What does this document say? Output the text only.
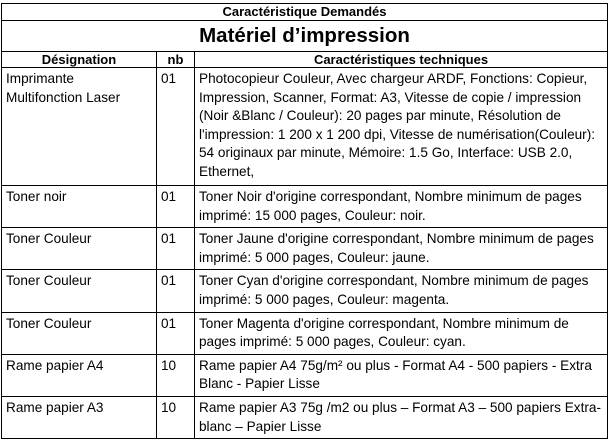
Caractéristique Demandés		
Matériel d’impression		
Désignation	nb	Caractéristiques techniques
Imprimante Multifonction Laser	01	Photocopieur Couleur, Avec chargeur ARDF, Fonctions: Copieur, Impression, Scanner, Format: A3, Vitesse de copie / impression (Noir &Blanc / Couleur): 20 pages par minute, Résolution de l'impression: 1 200 x 1 200 dpi, Vitesse de numérisation(Couleur): 54 originaux par minute, Mémoire: 1.5 Go, Interface: USB 2.0, Ethernet,
Toner noir	01	Toner Noir d'origine correspondant, Nombre minimum de pages imprimé: 15 000 pages, Couleur: noir.
Toner Couleur	01	Toner Jaune d'origine correspondant, Nombre minimum de pages imprimé: 5 000 pages, Couleur: jaune.
Toner Couleur	01	Toner Cyan d'origine correspondant, Nombre minimum de pages imprimé: 5 000 pages, Couleur: magenta.
Toner Couleur	01	Toner Magenta d'origine correspondant, Nombre minimum de pages imprimé: 5 000 pages, Couleur: cyan.
Rame papier A4	10	Rame papier A4 75g/m² ou plus - Format A4 - 500 papiers - Extra Blanc - Papier Lisse
Rame papier A3	10	Rame papier A3 75g /m2 ou plus – Format A3 – 500 papiers Extra-blanc – Papier Lisse
